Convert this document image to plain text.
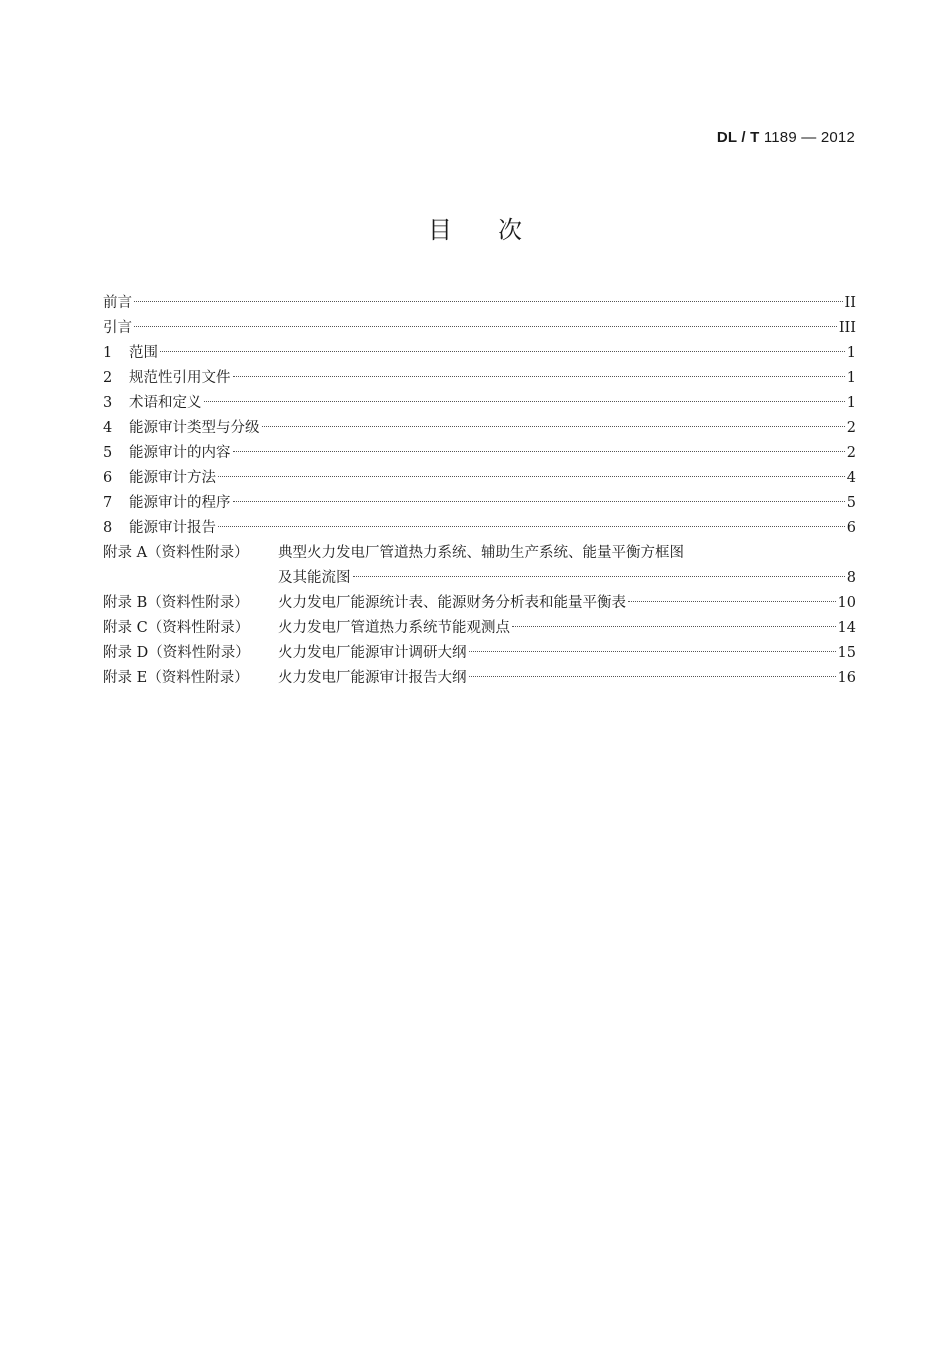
DL / T 1189 — 2012
目次
前言	II
引言	III
1	范围	1
2	规范性引用文件	1
3	术语和定义	1
4	能源审计类型与分级	2
5	能源审计的内容	2
6	能源审计方法	4
7	能源审计的程序	5
8	能源审计报告	6
附录 A（资料性附录）	典型火力发电厂管道热力系统、辅助生产系统、能量平衡方框图
及其能流图	8
附录 B（资料性附录）	火力发电厂能源统计表、能源财务分析表和能量平衡表	10
附录 C（资料性附录）	火力发电厂管道热力系统节能观测点	14
附录 D（资料性附录）	火力发电厂能源审计调研大纲	15
附录 E（资料性附录）	火力发电厂能源审计报告大纲	16
